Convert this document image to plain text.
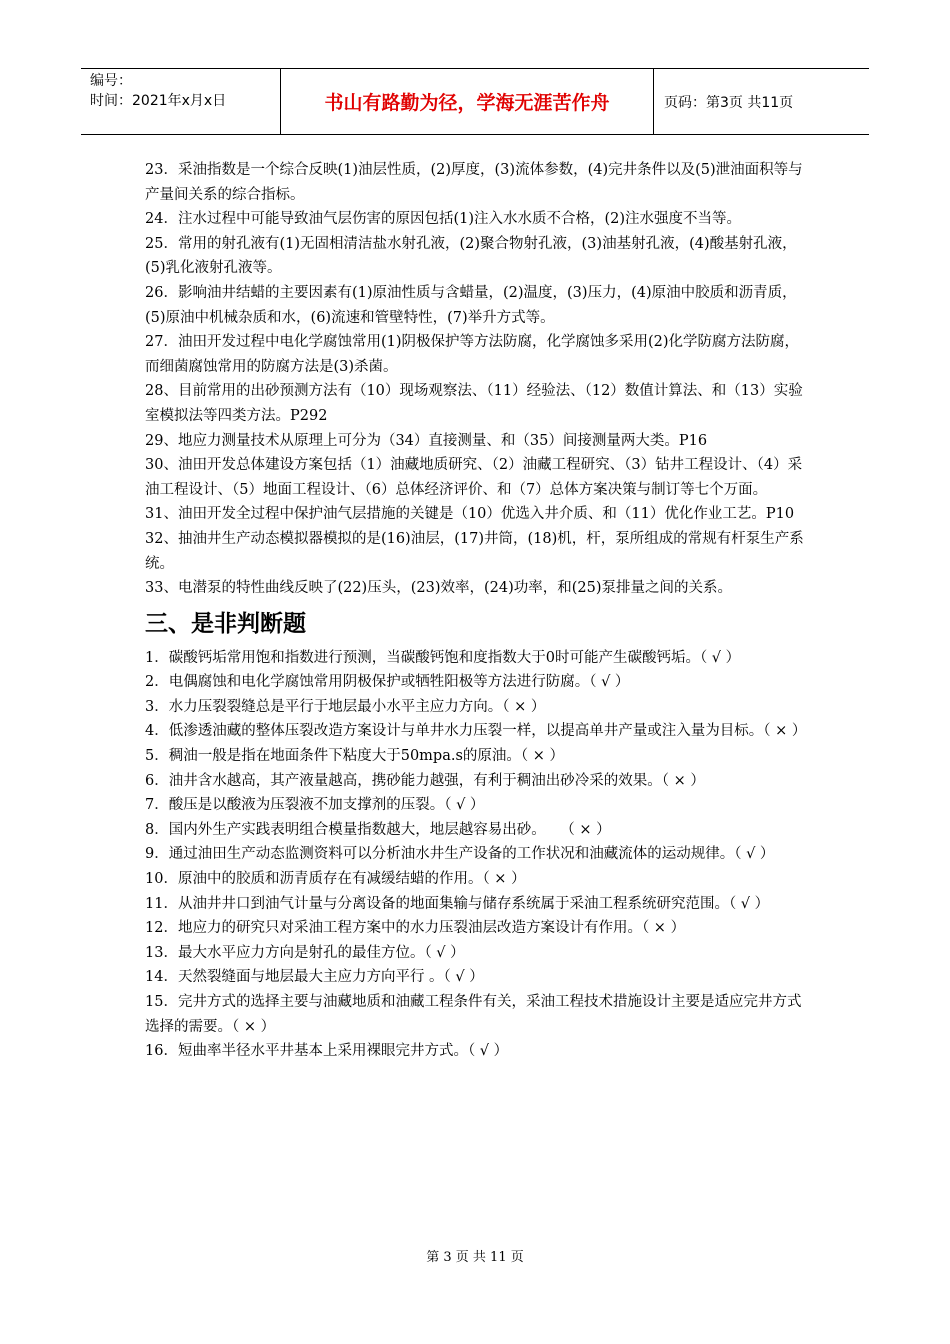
编号：
时间：2021年x月x日	书山有路勤为径，学海无涯苦作舟	页码：第3页 共11页

23．采油指数是一个综合反映(1)油层性质，(2)厚度，(3)流体参数，(4)完井条件以及(5)泄油面积等与产量间关系的综合指标。

24．注水过程中可能导致油气层伤害的原因包括(1)注入水水质不合格，(2)注水强度不当等。

25．常用的射孔液有(1)无固相清洁盐水射孔液，(2)聚合物射孔液，(3)油基射孔液，(4)酸基射孔液，(5)乳化液射孔液等。

26．影响油井结蜡的主要因素有(1)原油性质与含蜡量，(2)温度，(3)压力，(4)原油中胶质和沥青质，(5)原油中机械杂质和水，(6)流速和管壁特性，(7)举升方式等。

27．油田开发过程中电化学腐蚀常用(1)阴极保护等方法防腐，化学腐蚀多采用(2)化学防腐方法防腐，而细菌腐蚀常用的防腐方法是(3)杀菌。

28、目前常用的出砂预测方法有（10）现场观察法、（11）经验法、（12）数值计算法、和（13）实验室模拟法等四类方法。P292

29、地应力测量技术从原理上可分为（34）直接测量、和（35）间接测量两大类。P16

30、油田开发总体建设方案包括（1）油藏地质研究、（2）油藏工程研究、（3）钻井工程设计、（4）采油工程设计、（5）地面工程设计、（6）总体经济评价、和（7）总体方案决策与制订等七个万面。

31、油田开发全过程中保护油气层措施的关键是（10）优选入井介质、和（11）优化作业工艺。P10

32、抽油井生产动态模拟器模拟的是(16)油层，(17)井筒，(18)机，杆，泵所组成的常规有杆泵生产系统。

33、电潜泵的特性曲线反映了(22)压头，(23)效率，(24)功率，和(25)泵排量之间的关系。

三、是非判断题

1．碳酸钙垢常用饱和指数进行预测，当碳酸钙饱和度指数大于0时可能产生碳酸钙垢。（ √ ）

2．电偶腐蚀和电化学腐蚀常用阴极保护或牺牲阳极等方法进行防腐。（ √ ）

3．水力压裂裂缝总是平行于地层最小水平主应力方向。（ × ）

4．低渗透油藏的整体压裂改造方案设计与单井水力压裂一样，以提高单井产量或注入量为目标。（ × ）

5．稠油一般是指在地面条件下粘度大于50mpa.s的原油。（ × ）

6．油井含水越高，其产液量越高，携砂能力越强，有利于稠油出砂冷采的效果。（ × ）

7．酸压是以酸液为压裂液不加支撑剂的压裂。（ √ ）

8．国内外生产实践表明组合模量指数越大，地层越容易出砂。　　（ × ）

9．通过油田生产动态监测资料可以分析油水井生产设备的工作状况和油藏流体的运动规律。（ √ ）

10．原油中的胶质和沥青质存在有减缓结蜡的作用。（ × ）

11．从油井井口到油气计量与分离设备的地面集输与储存系统属于采油工程系统研究范围。（ √ ）

12．地应力的研究只对采油工程方案中的水力压裂油层改造方案设计有作用。（ × ）

13．最大水平应力方向是射孔的最佳方位。（ √ ）

14．天然裂缝面与地层最大主应力方向平行 。（ √ ）

15．完井方式的选择主要与油藏地质和油藏工程条件有关，采油工程技术措施设计主要是适应完井方式选择的需要。（ × ）

16．短曲率半径水平井基本上采用裸眼完井方式。（ √ ）

第 3 页 共 11 页
